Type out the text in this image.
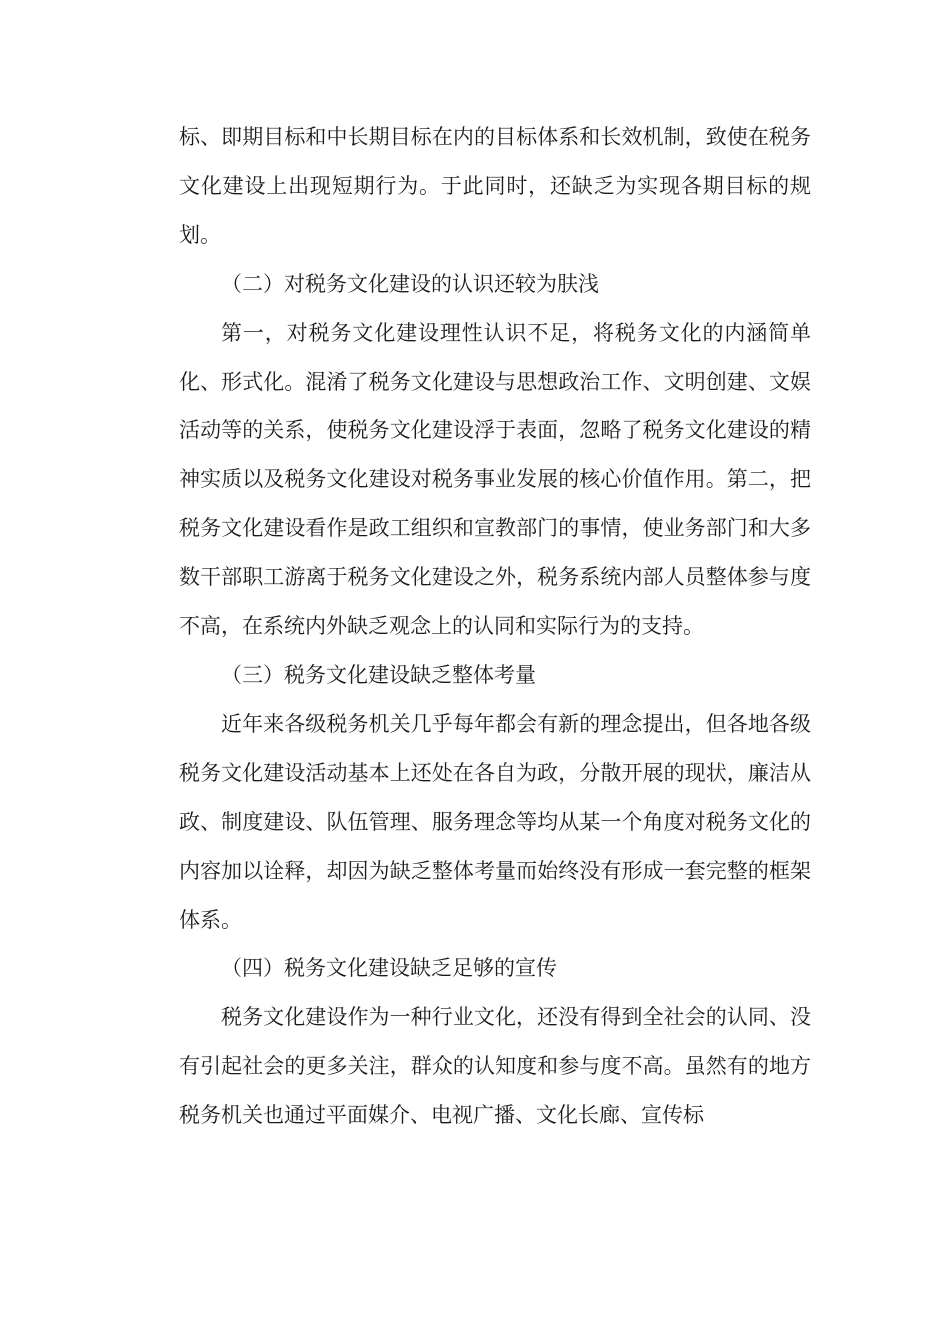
标、即期目标和中长期目标在内的目标体系和长效机制，致使在税务文化建设上出现短期行为。于此同时，还缺乏为实现各期目标的规划。

（二）对税务文化建设的认识还较为肤浅

第一，对税务文化建设理性认识不足，将税务文化的内涵简单化、形式化。混淆了税务文化建设与思想政治工作、文明创建、文娱活动等的关系，使税务文化建设浮于表面，忽略了税务文化建设的精神实质以及税务文化建设对税务事业发展的核心价值作用。第二，把税务文化建设看作是政工组织和宣教部门的事情，使业务部门和大多数干部职工游离于税务文化建设之外，税务系统内部人员整体参与度不高，在系统内外缺乏观念上的认同和实际行为的支持。

（三）税务文化建设缺乏整体考量

近年来各级税务机关几乎每年都会有新的理念提出，但各地各级税务文化建设活动基本上还处在各自为政，分散开展的现状，廉洁从政、制度建设、队伍管理、服务理念等均从某一个角度对税务文化的内容加以诠释，却因为缺乏整体考量而始终没有形成一套完整的框架体系。

（四）税务文化建设缺乏足够的宣传

税务文化建设作为一种行业文化，还没有得到全社会的认同、没有引起社会的更多关注，群众的认知度和参与度不高。虽然有的地方税务机关也通过平面媒介、电视广播、文化长廊、宣传标
